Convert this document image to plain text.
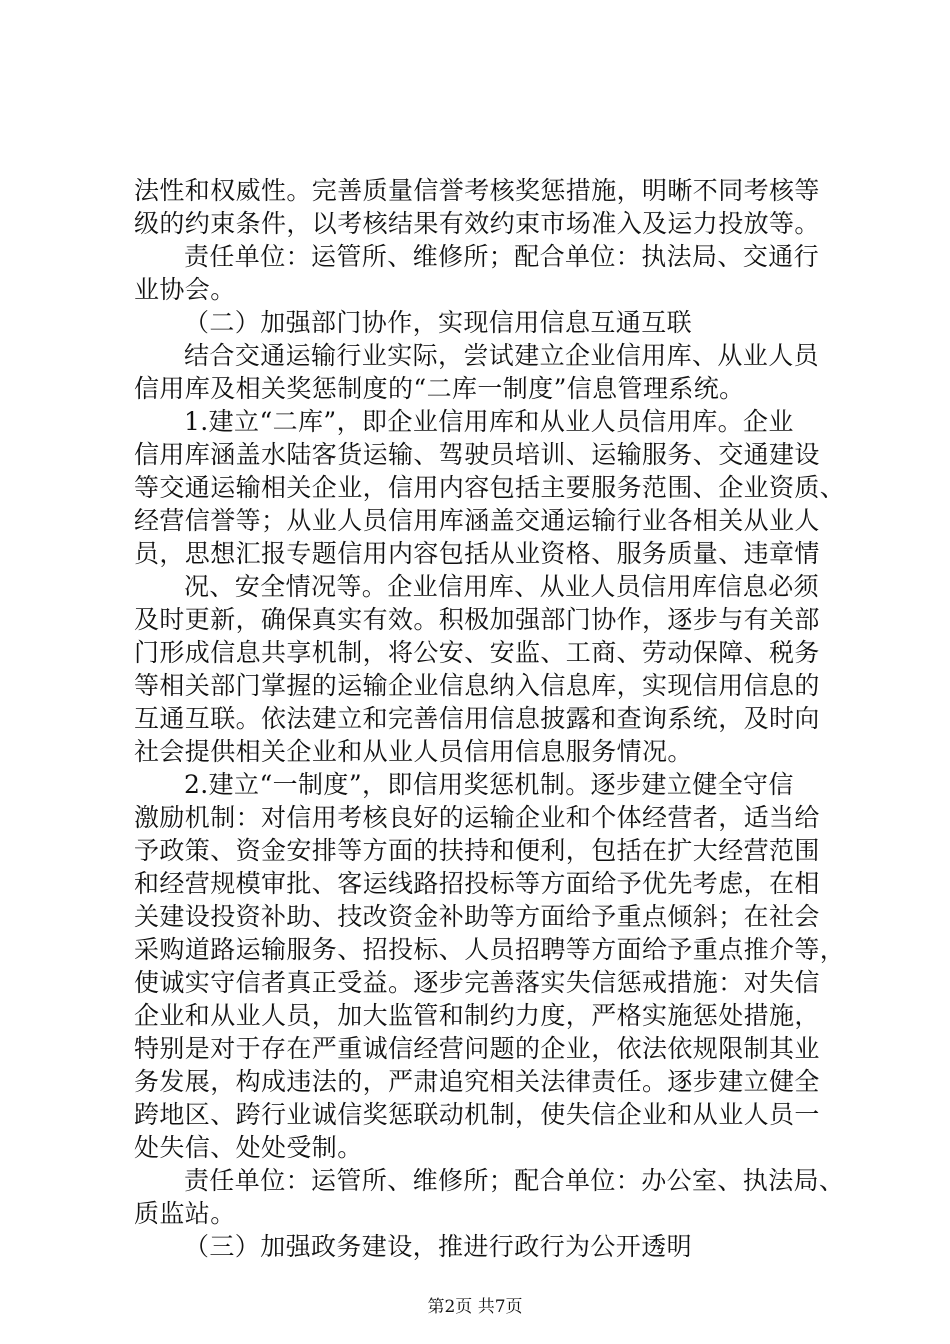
法性和权威性。完善质量信誉考核奖惩措施，明晰不同考核等
级的约束条件，以考核结果有效约束市场准入及运力投放等。
责任单位：运管所、维修所；配合单位：执法局、交通行
业协会。
（二）加强部门协作，实现信用信息互通互联
结合交通运输行业实际，尝试建立企业信用库、从业人员
信用库及相关奖惩制度的“二库一制度”信息管理系统。
1.建立“二库”，即企业信用库和从业人员信用库。企业
信用库涵盖水陆客货运输、驾驶员培训、运输服务、交通建设
等交通运输相关企业，信用内容包括主要服务范围、企业资质、
经营信誉等；从业人员信用库涵盖交通运输行业各相关从业人
员，思想汇报专题信用内容包括从业资格、服务质量、违章情
况、安全情况等。企业信用库、从业人员信用库信息必须
及时更新，确保真实有效。积极加强部门协作，逐步与有关部
门形成信息共享机制，将公安、安监、工商、劳动保障、税务
等相关部门掌握的运输企业信息纳入信息库，实现信用信息的
互通互联。依法建立和完善信用信息披露和查询系统，及时向
社会提供相关企业和从业人员信用信息服务情况。
2.建立“一制度”，即信用奖惩机制。逐步建立健全守信
激励机制：对信用考核良好的运输企业和个体经营者，适当给
予政策、资金安排等方面的扶持和便利，包括在扩大经营范围
和经营规模审批、客运线路招投标等方面给予优先考虑，在相
关建设投资补助、技改资金补助等方面给予重点倾斜；在社会
采购道路运输服务、招投标、人员招聘等方面给予重点推介等，
使诚实守信者真正受益。逐步完善落实失信惩戒措施：对失信
企业和从业人员，加大监管和制约力度，严格实施惩处措施，
特别是对于存在严重诚信经营问题的企业，依法依规限制其业
务发展，构成违法的，严肃追究相关法律责任。逐步建立健全
跨地区、跨行业诚信奖惩联动机制，使失信企业和从业人员一
处失信、处处受制。
责任单位：运管所、维修所；配合单位：办公室、执法局、
质监站。
（三）加强政务建设，推进行政行为公开透明
第2页 共7页
